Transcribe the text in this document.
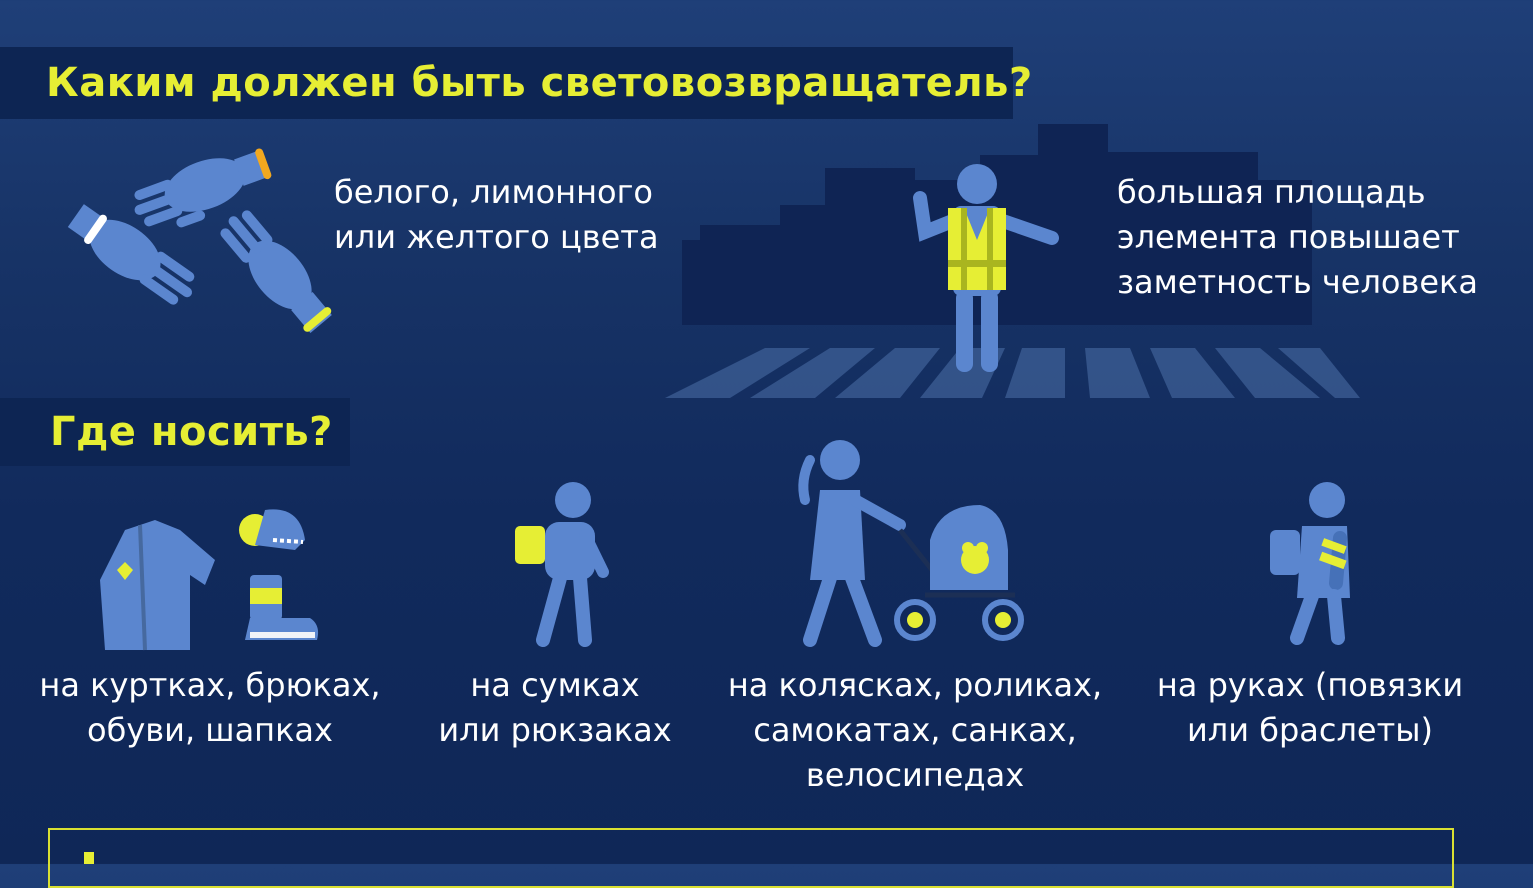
Каким должен быть световозвращатель?
белого, лимонного
или желтого цвета
большая площадь
элемента повышает
заметность человека
Где носить?
на куртках, брюках,
обуви, шапках
на сумках
или рюкзаках
на колясках, роликах,
самокатах, санках,
велосипедах
на руках (повязки
или браслеты)
